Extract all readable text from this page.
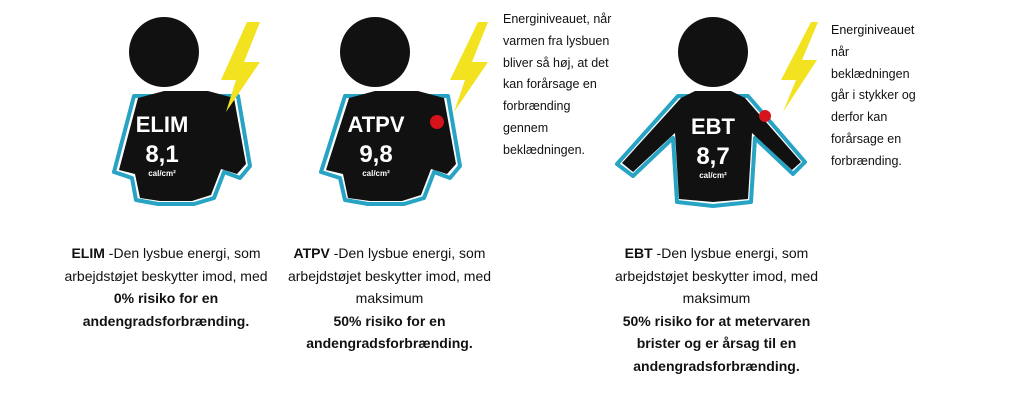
ELIM
8,1
cal/cm²
ATPV
9,8
cal/cm²
EBT
8,7
cal/cm²
Energiniveauet, når varmen fra lysbuen bliver så høj, at det kan forårsage en forbrænding gennem beklædningen.
Energiniveauet når beklædningen går i stykker og derfor kan forårsage en forbrænding.
ELIM -Den lysbue energi, som arbejdstøjet beskytter imod, med
0% risiko for en andengradsforbrænding.
ATPV -Den lysbue energi, som arbejdstøjet beskytter imod, med maksimum
50% risiko for en andengradsforbrænding.
EBT -Den lysbue energi, som arbejdstøjet beskytter imod, med maksimum
50% risiko for at metervaren brister og er årsag til en andengradsforbrænding.
